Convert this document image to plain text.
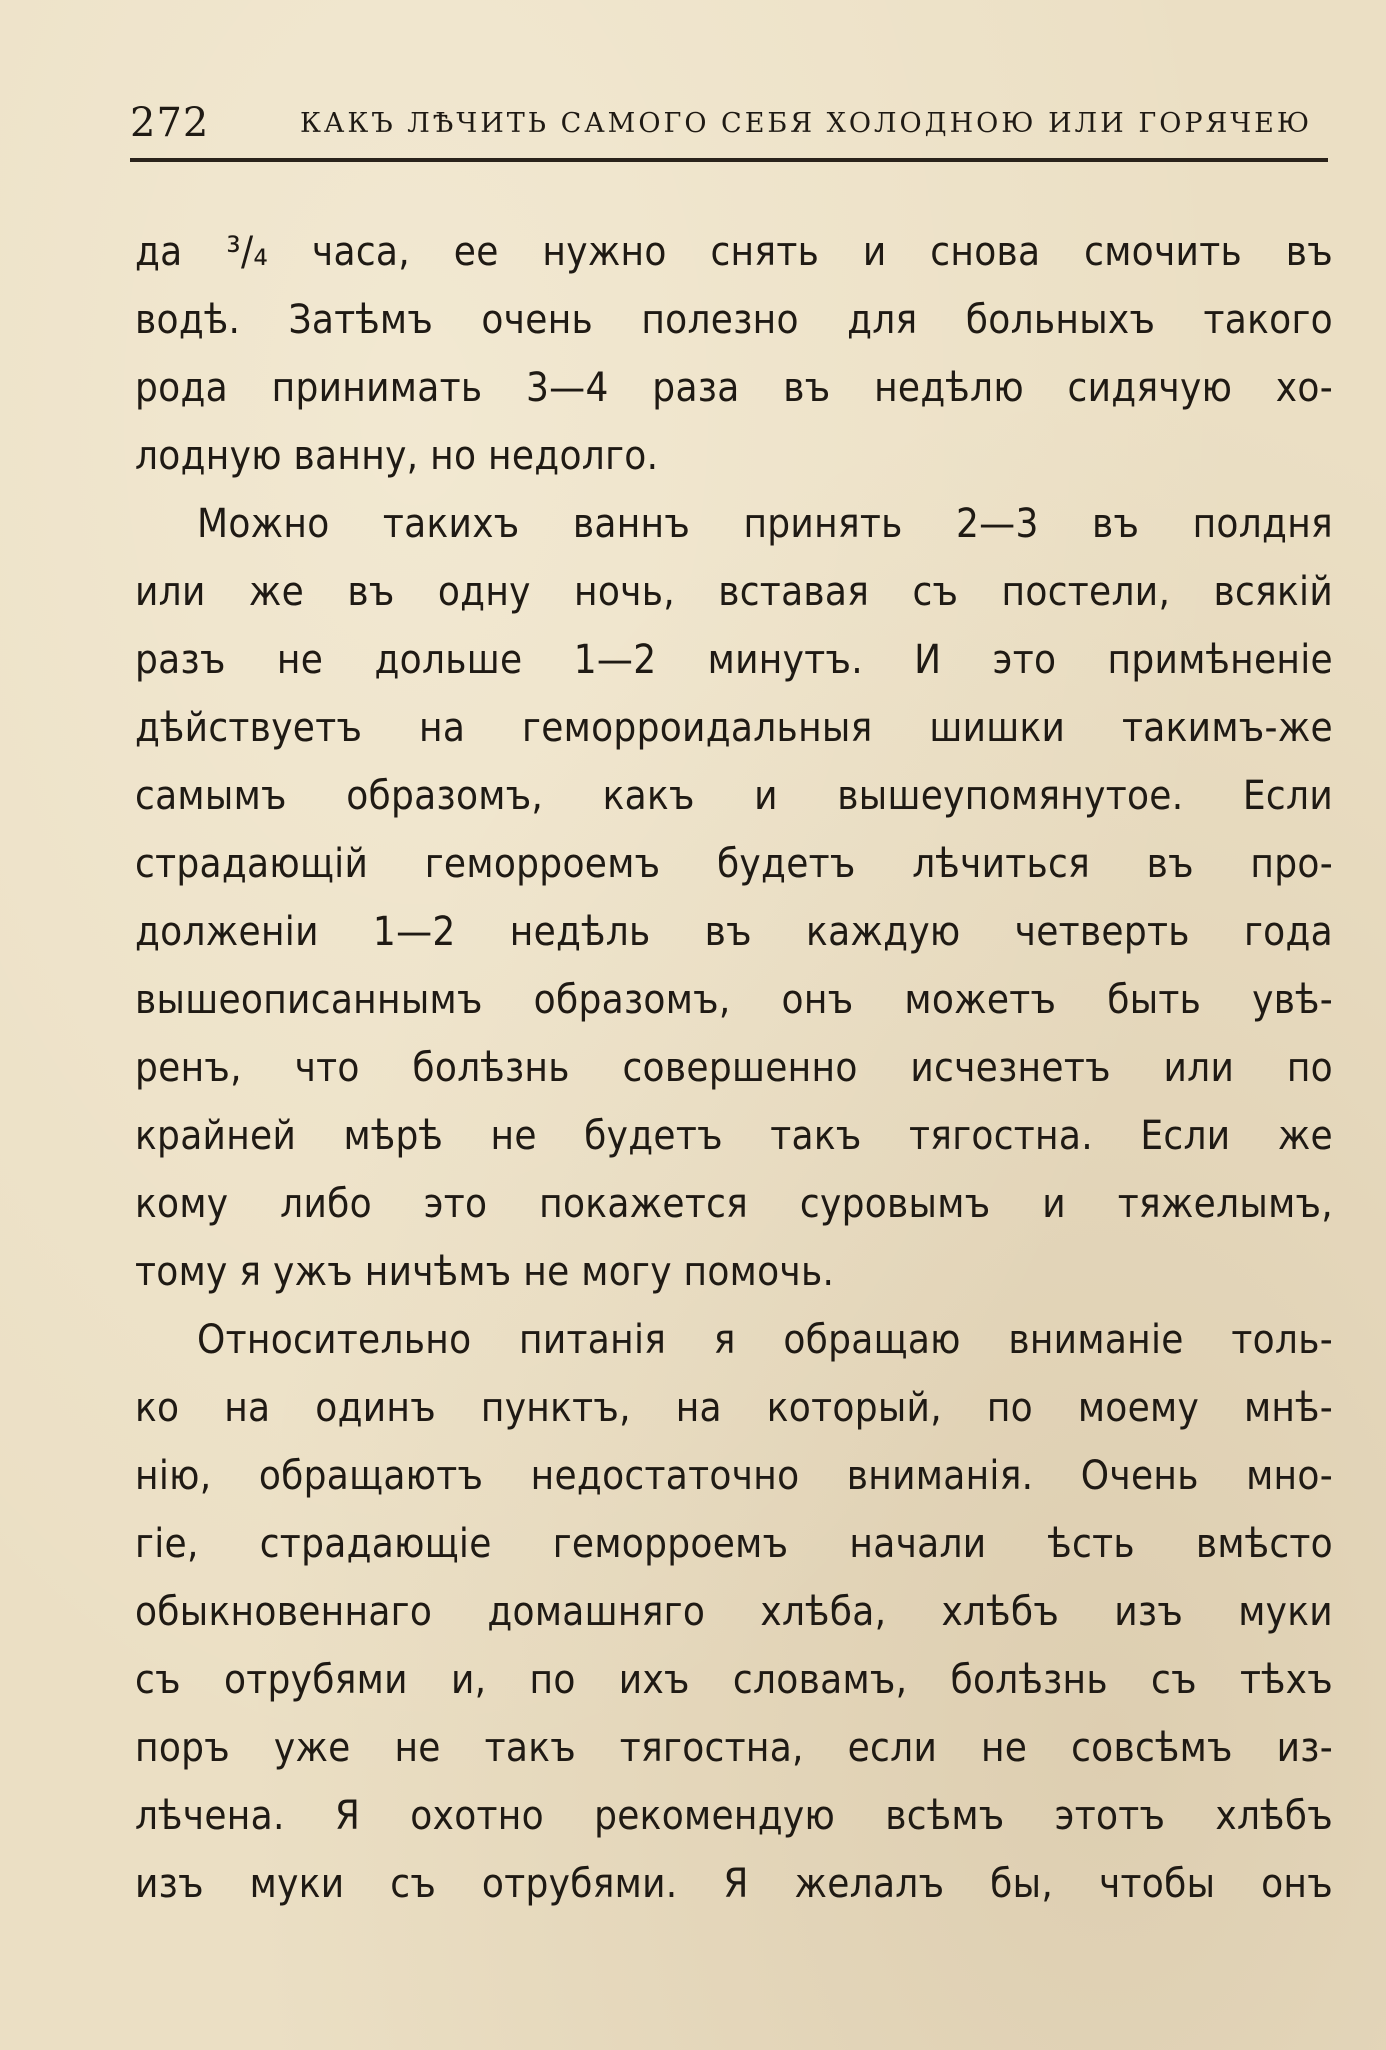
272	КАКЪ ЛѢЧИТЬ САМОГО СЕБЯ ХОЛОДНОЮ ИЛИ ГОРЯЧЕЮ
да ³/₄ часа, ее нужно снять и снова смочить въ
водѣ. Затѣмъ очень полезно для больныхъ такого
рода принимать 3—4 раза въ недѣлю сидячую хо-
лодную ванну, но недолго.
Можно такихъ ваннъ принять 2—3 въ полдня
или же въ одну ночь, вставая съ постели, всякій
разъ не дольше 1—2 минутъ. И это примѣненіе
дѣйствуетъ на геморроидальныя шишки такимъ-же
самымъ образомъ, какъ и вышеупомянутое. Если
страдающій геморроемъ будетъ лѣчиться въ про-
долженіи 1—2 недѣль въ каждую четверть года
вышеописаннымъ образомъ, онъ можетъ быть увѣ-
ренъ, что болѣзнь совершенно исчезнетъ или по
крайней мѣрѣ не будетъ такъ тягостна. Если же
кому либо это покажется суровымъ и тяжелымъ,
тому я ужъ ничѣмъ не могу помочь.
Относительно питанія я обращаю вниманіе толь-
ко на одинъ пунктъ, на который, по моему мнѣ-
нію, обращаютъ недостаточно вниманія. Очень мно-
гіе, страдающіе геморроемъ начали ѣсть вмѣсто
обыкновеннаго домашняго хлѣба, хлѣбъ изъ муки
съ отрубями и, по ихъ словамъ, болѣзнь съ тѣхъ
поръ уже не такъ тягостна, если не совсѣмъ из-
лѣчена. Я охотно рекомендую всѣмъ этотъ хлѣбъ
изъ муки съ отрубями. Я желалъ бы, чтобы онъ
